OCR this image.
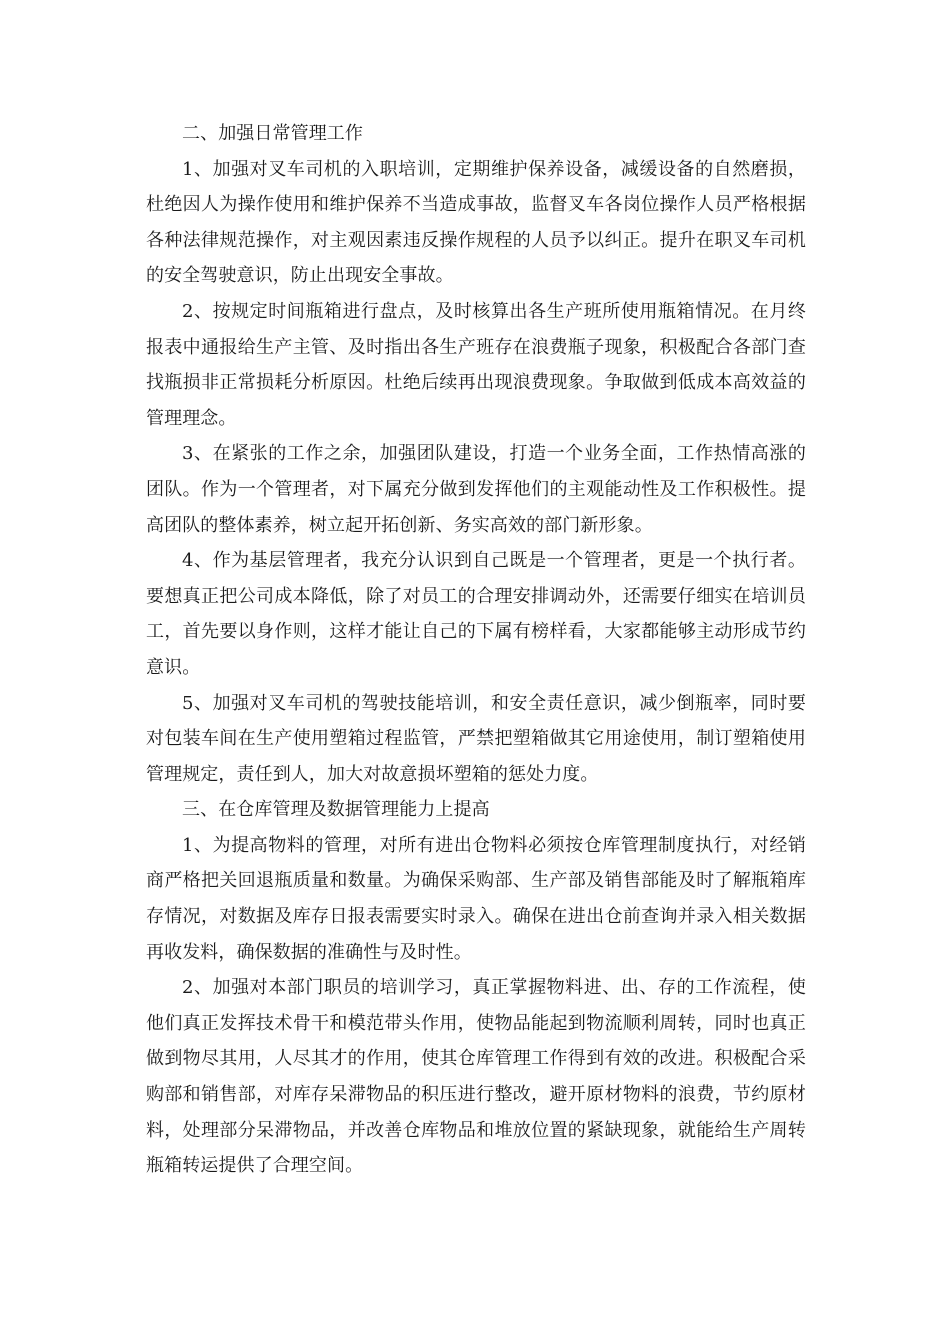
二、加强日常管理工作

1、加强对叉车司机的入职培训，定期维护保养设备，减缓设备的自然磨损，杜绝因人为操作使用和维护保养不当造成事故，监督叉车各岗位操作人员严格根据各种法律规范操作，对主观因素违反操作规程的人员予以纠正。提升在职叉车司机的安全驾驶意识，防止出现安全事故。

2、按规定时间瓶箱进行盘点，及时核算出各生产班所使用瓶箱情况。在月终报表中通报给生产主管、及时指出各生产班存在浪费瓶子现象，积极配合各部门查找瓶损非正常损耗分析原因。杜绝后续再出现浪费现象。争取做到低成本高效益的管理理念。

3、在紧张的工作之余，加强团队建设，打造一个业务全面，工作热情高涨的团队。作为一个管理者，对下属充分做到发挥他们的主观能动性及工作积极性。提高团队的整体素养，树立起开拓创新、务实高效的部门新形象。

4、作为基层管理者，我充分认识到自己既是一个管理者，更是一个执行者。要想真正把公司成本降低，除了对员工的合理安排调动外，还需要仔细实在培训员工，首先要以身作则，这样才能让自己的下属有榜样看，大家都能够主动形成节约意识。

5、加强对叉车司机的驾驶技能培训，和安全责任意识，减少倒瓶率，同时要对包装车间在生产使用塑箱过程监管，严禁把塑箱做其它用途使用，制订塑箱使用管理规定，责任到人，加大对故意损坏塑箱的惩处力度。

三、在仓库管理及数据管理能力上提高

1、为提高物料的管理，对所有进出仓物料必须按仓库管理制度执行，对经销商严格把关回退瓶质量和数量。为确保采购部、生产部及销售部能及时了解瓶箱库存情况，对数据及库存日报表需要实时录入。确保在进出仓前查询并录入相关数据再收发料，确保数据的准确性与及时性。

2、加强对本部门职员的培训学习，真正掌握物料进、出、存的工作流程，使他们真正发挥技术骨干和模范带头作用，使物品能起到物流顺利周转，同时也真正做到物尽其用，人尽其才的作用，使其仓库管理工作得到有效的改进。积极配合采购部和销售部，对库存呆滞物品的积压进行整改，避开原材物料的浪费，节约原材料，处理部分呆滞物品，并改善仓库物品和堆放位置的紧缺现象，就能给生产周转瓶箱转运提供了合理空间。
